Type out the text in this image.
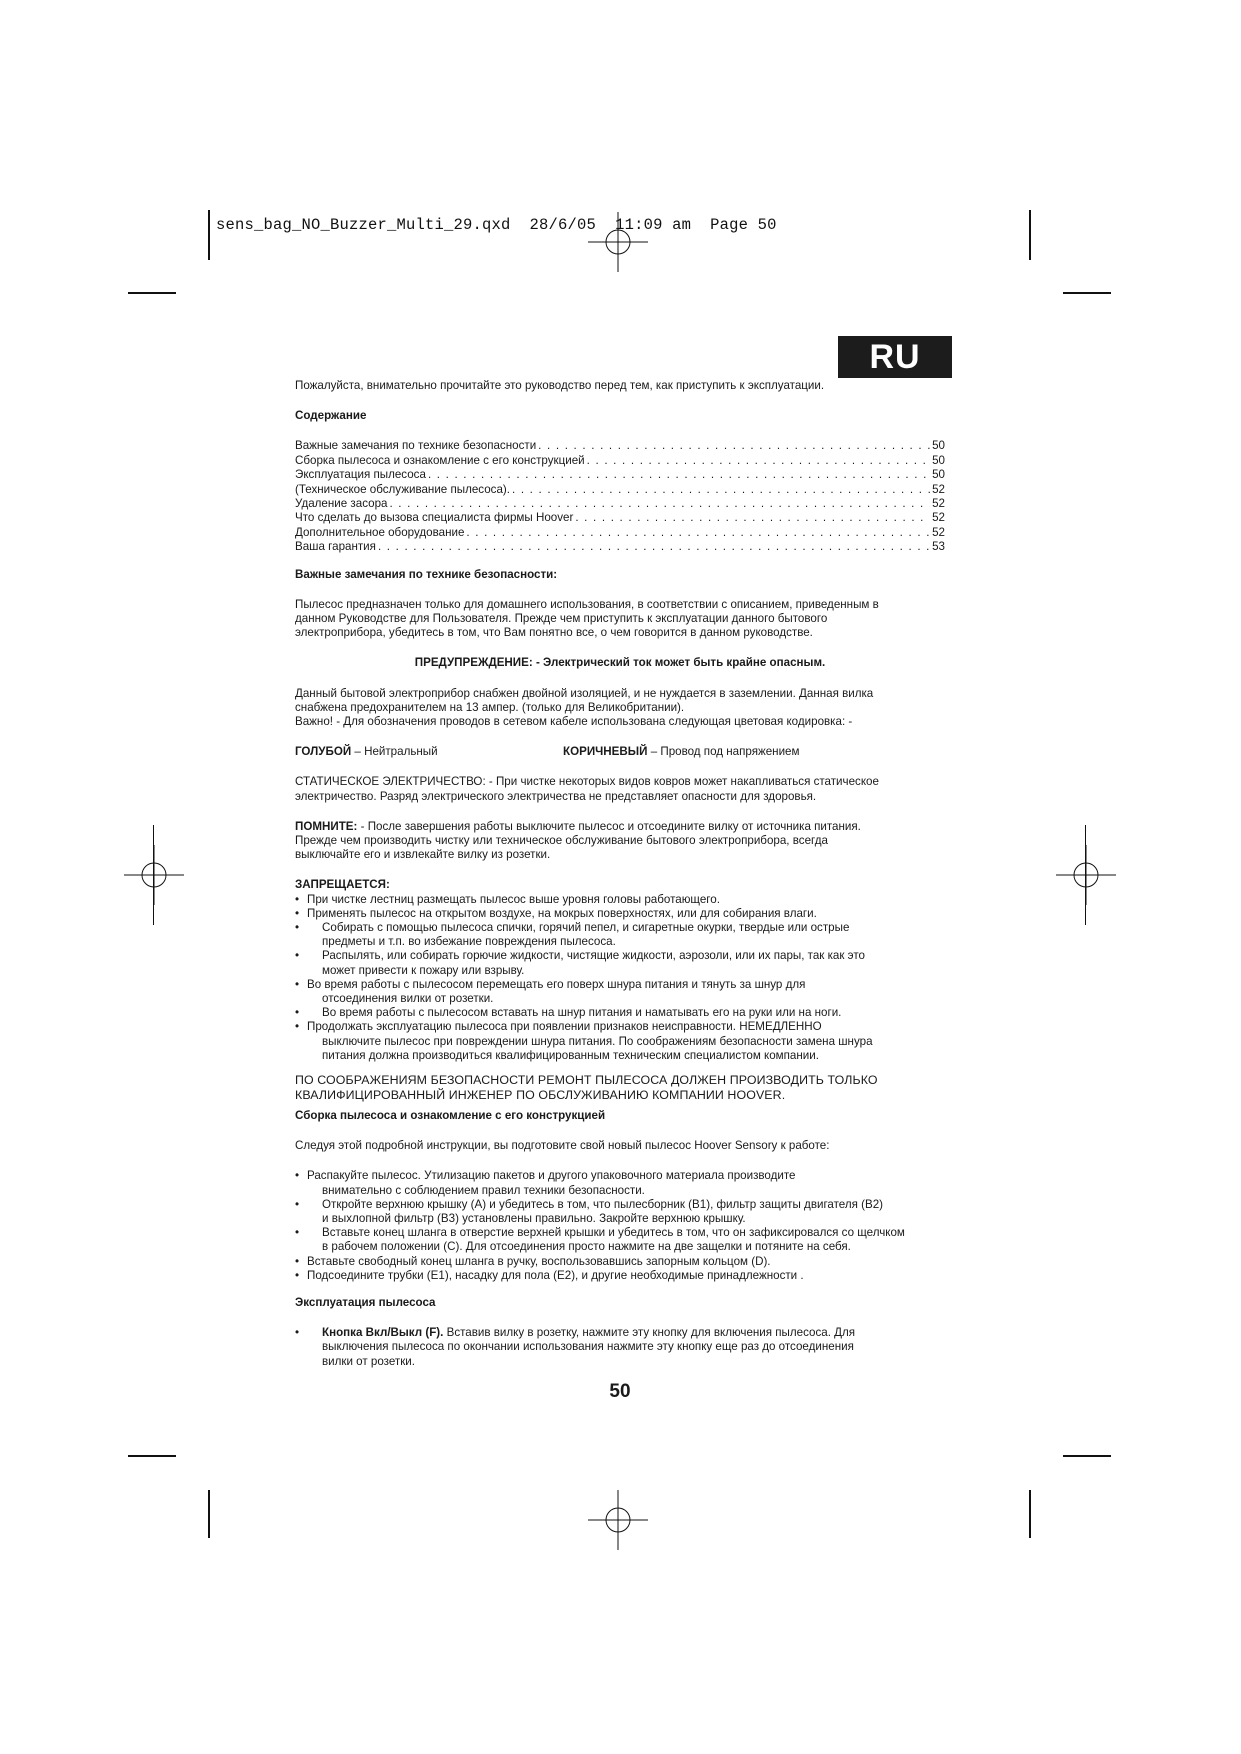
sens_bag_NO_Buzzer_Multi_29.qxd  28/6/05  11:09 am  Page 50
RU

Пожалуйста, внимательно прочитайте это руководство перед тем, как приступить к эксплуатации.

Содержание

Важные замечания по технике безопасности . . .	50
Сборка пылесоса и ознакомление с его конструкцией . . .	50
Эксплуатация пылесоса . . .	50
(Техническое обслуживание пылесоса). . . .	52
Удаление засора . . .	52
Что сделать до вызова специалиста фирмы Hoover . . .	52
Дополнительное оборудование . . .	52
Ваша гарантия . . .	53

Важные замечания по технике безопасности:

Пылесос предназначен только для домашнего использования, в соответствии с описанием, приведенным в

данном Руководстве для Пользователя. Прежде чем приступить к эксплуатации данного бытового

электроприбора, убедитесь в том, что Вам понятно все, о чем говорится в данном руководстве.

ПРЕДУПРЕЖДЕНИЕ: - Электрический ток может быть крайне опасным.

Данный бытовой электроприбор снабжен двойной изоляцией, и не нуждается в заземлении. Данная вилка

снабжена предохранителем на 13 ампер. (только для Великобритании).

Важно! - Для обозначения проводов в сетевом кабеле использована следующая цветовая кодировка: -

ГОЛУБОЙ – Нейтральный	КОРИЧНЕВЫЙ – Провод под напряжением

СТАТИЧЕСКОЕ ЭЛЕКТРИЧЕСТВО: - При чистке некоторых видов ковров может накапливаться статическое

электричество. Разряд электрического электричества не представляет опасности для здоровья.

ПОМНИТЕ: - После завершения работы выключите пылесос и отсоедините вилку от источника питания.

Прежде чем производить чистку или техническое обслуживание бытового электроприбора, всегда

выключайте его и извлекайте вилку из розетки.

ЗАПРЕЩАЕТСЯ:

• При чистке лестниц размещать пылесос выше уровня головы работающего.
• Применять пылесос на открытом воздухе, на мокрых поверхностях, или для собирания влаги.
•	Собирать с помощью пылесоса спички, горячий пепел, и сигаретные окурки, твердые или острые

предметы и т.п. во избежание повреждения пылесоса.

•	Распылять, или собирать горючие жидкости, чистящие жидкости, аэрозоли, или их пары, так как это

может привести к пожару или взрыву.

• Во время работы с пылесосом перемещать его поверх шнура питания и тянуть за шнур для

отсоединения вилки от розетки.

•	Во время работы с пылесосом вставать на шнур питания и наматывать его на руки или на ноги.
• Продолжать эксплуатацию пылесоса при появлении признаков неисправности. НЕМЕДЛЕННО

выключите пылесос при повреждении шнура питания. По соображениям безопасности замена шнура

питания должна производиться квалифицированным техническим специалистом компании.

ПО СООБРАЖЕНИЯМ БЕЗОПАСНОСТИ РЕМОНТ ПЫЛЕСОСА ДОЛЖЕН ПРОИЗВОДИТЬ ТОЛЬКО

КВАЛИФИЦИРОВАННЫЙ ИНЖЕНЕР ПО ОБСЛУЖИВАНИЮ КОМПАНИИ HOOVER.

Сборка пылесоса и ознакомление с его конструкцией

Следуя этой подробной инструкции, вы подготовите свой новый пылесос Hoover Sensory к работе:

• Распакуйте пылесос. Утилизацию пакетов и другого упаковочного материала производите

внимательно с соблюдением правил техники безопасности.

•	Откройте верхнюю крышку (A) и убедитесь в том, что пылесборник (B1), фильтр защиты двигателя (B2)

и выхлопной фильтр (B3) установлены правильно. Закройте верхнюю крышку.

•	Вставьте конец шланга в отверстие верхней крышки и убедитесь в том, что он зафиксировался со щелчком

в рабочем положении (C). Для отсоединения просто нажмите на две защелки и потяните на себя.

• Вставьте свободный конец шланга в ручку, воспользовавшись запорным кольцом (D).
• Подсоедините трубки (E1), насадку для пола (E2), и другие необходимые принадлежности .

Эксплуатация пылесоса

•	Кнопка Вкл/Выкл (F). Вставив вилку в розетку, нажмите эту кнопку для включения пылесоса. Для

выключения пылесоса по окончании использования нажмите эту кнопку еще раз до отсоединения

вилки от розетки.

50
